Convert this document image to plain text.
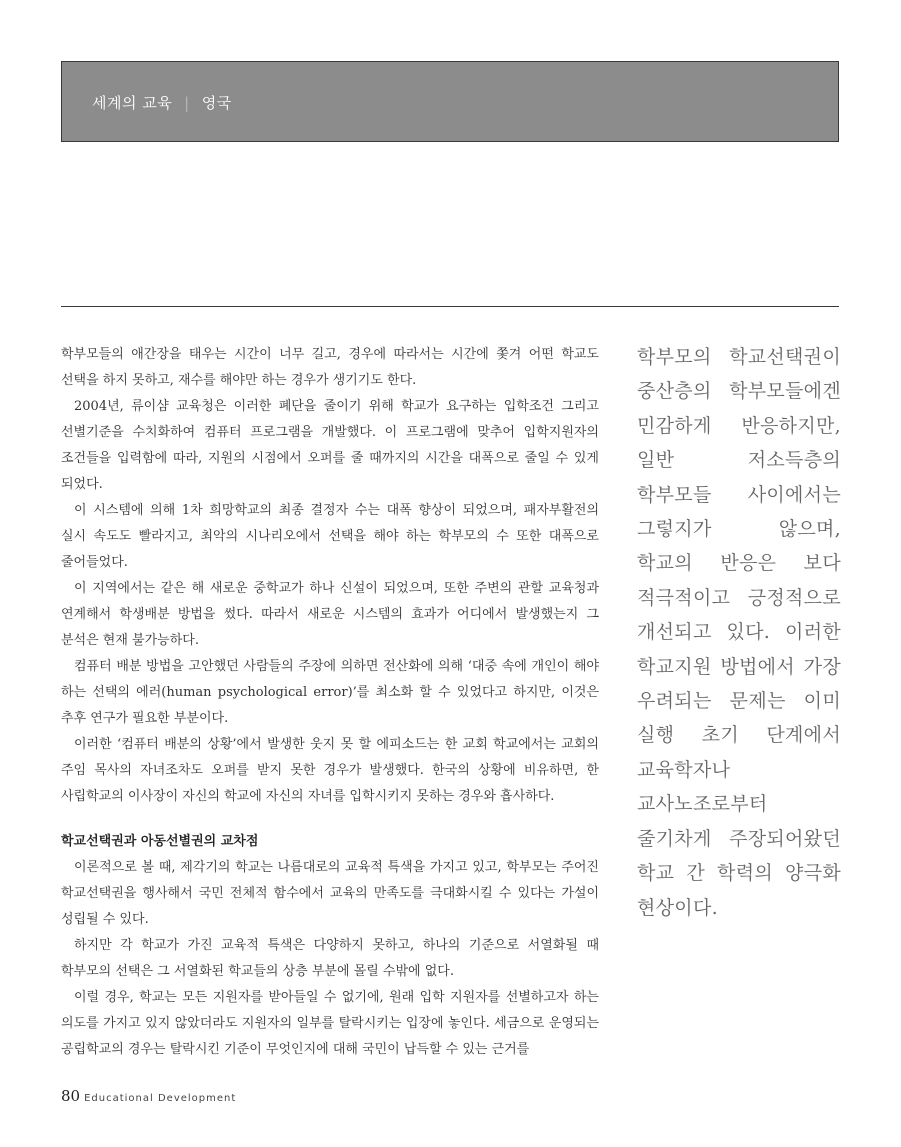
세계의 교육 | 영국

학부모들의 애간장을 태우는 시간이 너무 길고, 경우에 따라서는 시간에 쫓겨 어떤 학교도 선택을 하지 못하고, 재수를 해야만 하는 경우가 생기기도 한다.

2004년, 류이샴 교육청은 이러한 폐단을 줄이기 위해 학교가 요구하는 입학조건 그리고 선별기준을 수치화하여 컴퓨터 프로그램을 개발했다. 이 프로그램에 맞추어 입학지원자의 조건들을 입력함에 따라, 지원의 시점에서 오퍼를 줄 때까지의 시간을 대폭으로 줄일 수 있게 되었다.

이 시스템에 의해 1차 희망학교의 최종 결정자 수는 대폭 향상이 되었으며, 패자부활전의 실시 속도도 빨라지고, 최악의 시나리오에서 선택을 해야 하는 학부모의 수 또한 대폭으로 줄어들었다.

이 지역에서는 같은 해 새로운 중학교가 하나 신설이 되었으며, 또한 주변의 관할 교육청과 연계해서 학생배분 방법을 썼다. 따라서 새로운 시스템의 효과가 어디에서 발생했는지 그 분석은 현재 불가능하다.

컴퓨터 배분 방법을 고안했던 사람들의 주장에 의하면 전산화에 의해 ‘대중 속에 개인이 해야 하는 선택의 에러(human psychological error)’를 최소화 할 수 있었다고 하지만, 이것은 추후 연구가 필요한 부분이다.

이러한 ‘컴퓨터 배분의 상황’에서 발생한 웃지 못 할 에피소드는 한 교회 학교에서는 교회의 주임 목사의 자녀조차도 오퍼를 받지 못한 경우가 발생했다. 한국의 상황에 비유하면, 한 사립학교의 이사장이 자신의 학교에 자신의 자녀를 입학시키지 못하는 경우와 흡사하다.

학교선택권과 아동선별권의 교차점

이론적으로 볼 때, 제각기의 학교는 나름대로의 교육적 특색을 가지고 있고, 학부모는 주어진 학교선택권을 행사해서 국민 전체적 함수에서 교육의 만족도를 극대화시킬 수 있다는 가설이 성립될 수 있다.

하지만 각 학교가 가진 교육적 특색은 다양하지 못하고, 하나의 기준으로 서열화될 때 학부모의 선택은 그 서열화된 학교들의 상층 부분에 몰릴 수밖에 없다.

이럴 경우, 학교는 모든 지원자를 받아들일 수 없기에, 원래 입학 지원자를 선별하고자 하는 의도를 가지고 있지 않았더라도 지원자의 일부를 탈락시키는 입장에 놓인다. 세금으로 운영되는 공립학교의 경우는 탈락시킨 기준이 무엇인지에 대해 국민이 납득할 수 있는 근거를

학부모의 학교선택권이 중산층의 학부모들에겐 민감하게 반응하지만, 일반 저소득층의 학부모들 사이에서는 그렇지가 않으며, 학교의 반응은 보다 적극적이고 긍정적으로 개선되고 있다. 이러한 학교지원 방법에서 가장 우려되는 문제는 이미 실행 초기 단계에서 교육학자나 교사노조로부터 줄기차게 주장되어왔던 학교 간 학력의 양극화 현상이다.
80 Educational Development
